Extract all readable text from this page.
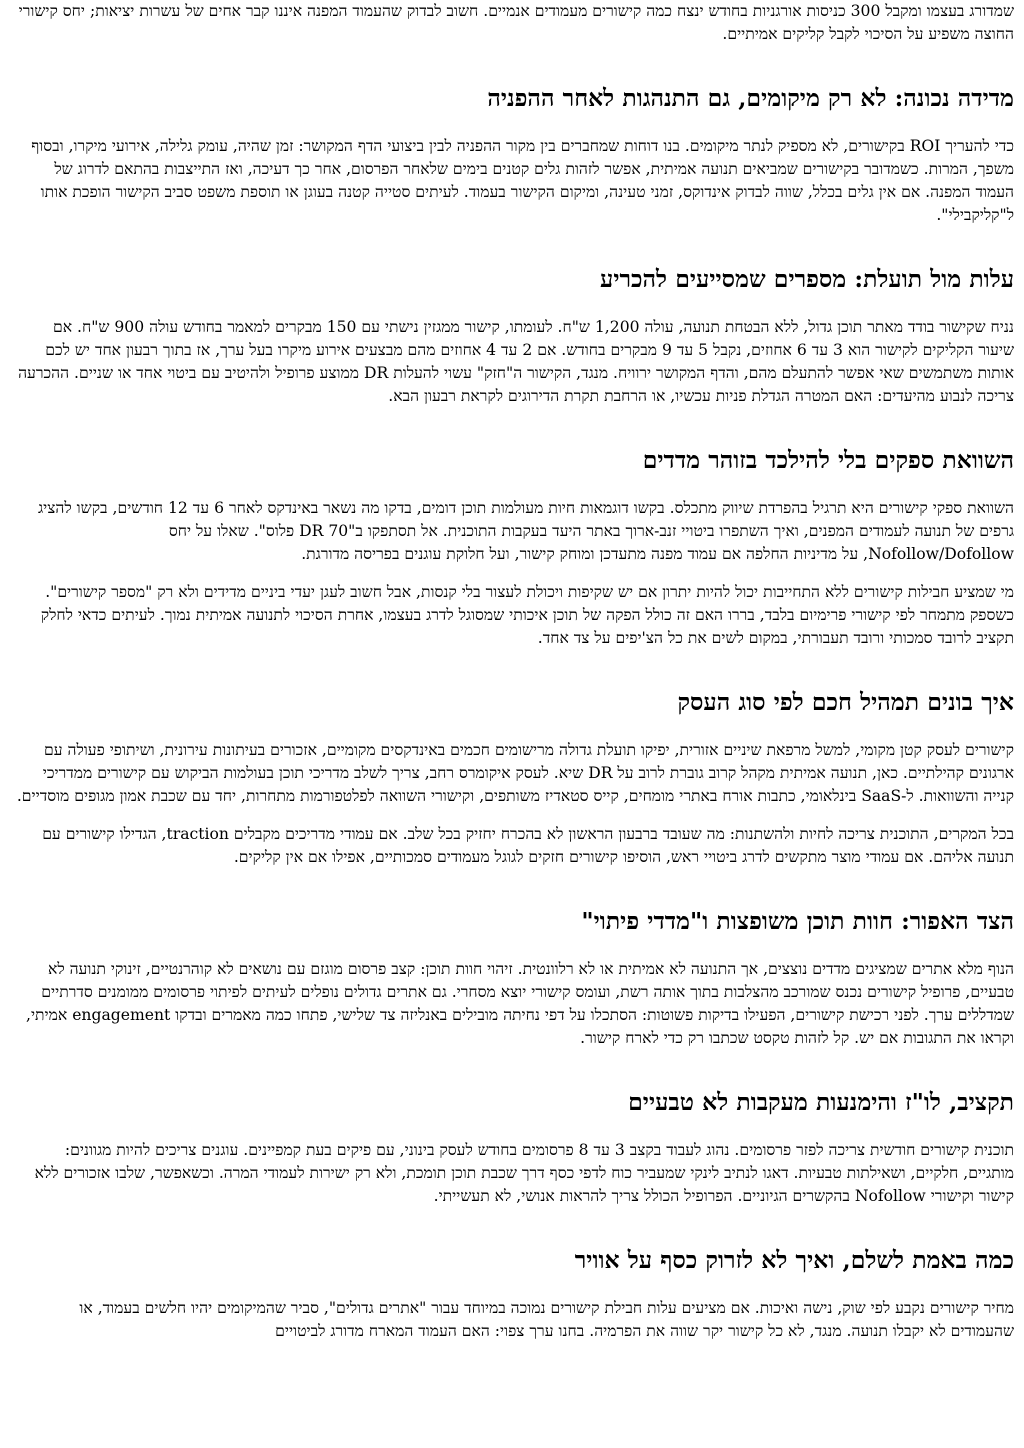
שמדורג בעצמו ומקבל 300 כניסות אורגניות בחודש ינצח כמה קישורים מעמודים אנמיים. חשוב לבדוק שהעמוד המפנה איננו קבר אחים של עשרות יציאות; יחס קישורי החוצה משפיע על הסיכוי לקבל קליקים אמיתיים.

מדידה נכונה: לא רק מיקומים, גם התנהגות לאחר ההפניה

כדי להעריך ROI בקישורים, לא מספיק לנתר מיקומים. בנו דוחות שמחברים בין מקור ההפניה לבין ביצועי הדף המקושר: זמן שהיה, עומק גלילה, אירועי מיקרו, ובסוף משפך, המרות. כשמדובר בקישורים שמביאים תנועה אמיתית, אפשר לזהות גלים קטנים בימים שלאחר הפרסום, אחר כך דעיכה, ואז התייצבות בהתאם לדרוג של העמוד המפנה. אם אין גלים בכלל, שווה לבדוק אינדוקס, זמני טעינה, ומיקום הקישור בעמוד. לעיתים סטייה קטנה בעוגן או תוספת משפט סביב הקישור הופכת אותו ל"קליקבילי".

עלות מול תועלת: מספרים שמסייעים להכריע

נניח שקישור בודד מאתר תוכן גדול, ללא הבטחת תנועה, עולה 1,200 ש"ח. לעומתו, קישור ממגזין נישתי עם 150 מבקרים למאמר בחודש עולה 900 ש"ח. אם שיעור הקליקים לקישור הוא 3 עד 6 אחוזים, נקבל 5 עד 9 מבקרים בחודש. אם 2 עד 4 אחוזים מהם מבצעים אירוע מיקרו בעל ערך, אז בתוך רבעון אחד יש לכם אותות משתמשים שאי אפשר להתעלם מהם, והדף המקושר ירוויח. מנגד, הקישור ה"חזק" עשוי להעלות DR ממוצע פרופיל ולהיטיב עם ביטוי אחד או שניים. ההכרעה צריכה לנבוע מהיעדים: האם המטרה הגדלת פניות עכשיו, או הרחבת תקרת הדירוגים לקראת רבעון הבא.

השוואת ספקים בלי להילכד בזוהר מדדים

השוואת ספקי קישורים היא תרגיל בהפרדת שיווק מתכלס. בקשו דוגמאות חיות מעולמות תוכן דומים, בדקו מה נשאר באינדקס לאחר 6 עד 12 חודשים, בקשו להציג גרפים של תנועה לעמודים המפנים, ואיך השתפרו ביטויי זנב-ארוך באתר היעד בעקבות התוכנית. אל תסתפקו ב"DR 70 פלוס". שאלו על יחס Nofollow/Dofollow, על מדיניות החלפה אם עמוד מפנה מתעדכן ומוחק קישור, ועל חלוקת עוגנים בפריסה מדורגת.

מי שמציע חבילות קישורים ללא התחייבות יכול להיות יתרון אם יש שקיפות ויכולת לעצור בלי קנסות, אבל חשוב לעגן יעדי ביניים מדידים ולא רק "מספר קישורים". כשספק מתמחר לפי קישורי פרימיום בלבד, בררו האם זה כולל הפקה של תוכן איכותי שמסוגל לדרג בעצמו, אחרת הסיכוי לתנועה אמיתית נמוך. לעיתים כדאי לחלק תקציב לרובד סמכותי ורובד תעבורתי, במקום לשים את כל הצ'יפים על צד אחד.

איך בונים תמהיל חכם לפי סוג העסק

קישורים לעסק קטן מקומי, למשל מרפאת שיניים אזורית, יפיקו תועלת גדולה מרישומים חכמים באינדקסים מקומיים, אזכורים בעיתונות עירונית, ושיתופי פעולה עם ארגונים קהילתיים. כאן, תנועה אמיתית מקהל קרוב גוברת לרוב על DR שיא. לעסק איקומרס רחב, צריך לשלב מדריכי תוכן בעולמות הביקוש עם קישורים ממדריכי קנייה והשוואות. ל-SaaS בינלאומי, כתבות אורח באתרי מומחים, קייס סטאדיז משותפים, וקישורי השוואה לפלטפורמות מתחרות, יחד עם שכבת אמון מגופים מוסדיים.

בכל המקרים, התוכנית צריכה לחיות ולהשתנות: מה שעובד ברבעון הראשון לא בהכרח יחזיק בכל שלב. אם עמודי מדריכים מקבלים traction, הגדילו קישורים עם תנועה אליהם. אם עמודי מוצר מתקשים לדרג ביטויי ראש, הוסיפו קישורים חזקים לגוגל מעמודים סמכותיים, אפילו אם אין קליקים.

הצד האפור: חוות תוכן משופצות ו"מדדי פיתוי"

הנוף מלא אתרים שמציגים מדדים נוצצים, אך התנועה לא אמיתית או לא רלוונטית. זיהוי חוות תוכן: קצב פרסום מוגזם עם נושאים לא קוהרנטיים, זינוקי תנועה לא טבעיים, פרופיל קישורים נכנס שמורכב מהצלבות בתוך אותה רשת, ועומס קישורי יוצא מסחרי. גם אתרים גדולים נופלים לעיתים לפיתוי פרסומים ממומנים סדרתיים שמדללים ערך. לפני רכישת קישורים, הפעילו בדיקות פשוטות: הסתכלו על דפי נחיתה מובילים באנליזה צד שלישי, פתחו כמה מאמרים ובדקו engagement אמיתי, וקראו את התגובות אם יש. קל לזהות טקסט שכתבו רק כדי לארח קישור.

תקציב, לו"ז והימנעות מעקבות לא טבעיים

תוכנית קישורים חודשית צריכה לפזר פרסומים. נהוג לעבוד בקצב 3 עד 8 פרסומים בחודש לעסק בינוני, עם פיקים בעת קמפיינים. עוגנים צריכים להיות מגוונים: מותגיים, חלקיים, ושאילתות טבעיות. דאגו לנתיב לינקי שמעביר כוח לדפי כסף דרך שכבת תוכן תומכת, ולא רק ישירות לעמודי המרה. וכשאפשר, שלבו אזכורים ללא קישור וקישורי Nofollow בהקשרים הגיוניים. הפרופיל הכולל צריך להראות אנושי, לא תעשייתי.

כמה באמת לשלם, ואיך לא לזרוק כסף על אוויר

מחיר קישורים נקבע לפי שוק, נישה ואיכות. אם מציעים עלות חבילת קישורים נמוכה במיוחד עבור "אתרים גדולים", סביר שהמיקומים יהיו חלשים בעמוד, או שהעמודים לא יקבלו תנועה. מנגד, לא כל קישור יקר שווה את הפרמיה. בחנו ערך צפוי: האם העמוד המארח מדורג לביטויים
